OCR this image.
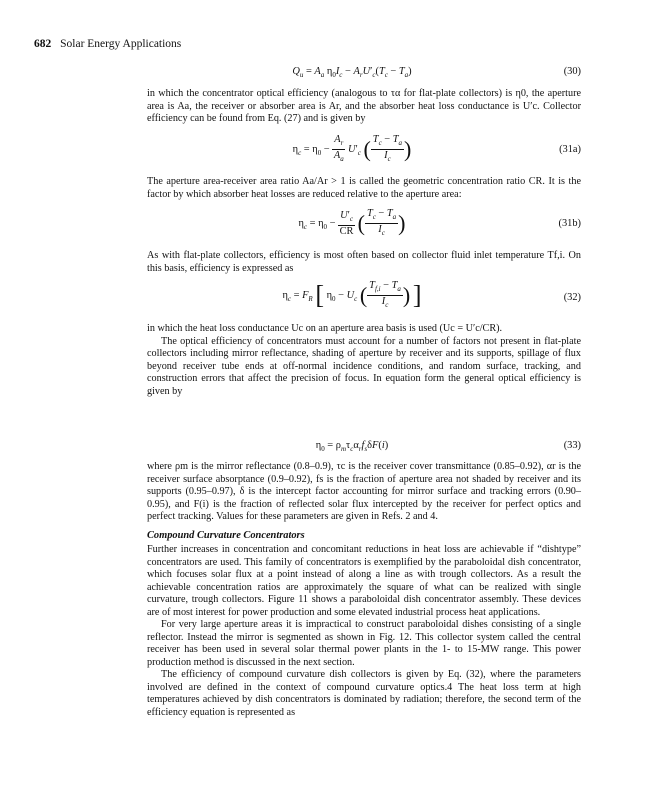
682 Solar Energy Applications
$Q_u = A_a$ $\eta_0I_c - A_rU'_c(T_c - T_a)$	(30)

in which the concentrator optical efficiency (analogous to τα for flat-plate collectors) is η0, the aperture area is Aa, the receiver or absorber area is Ar, and the absorber heat loss conductance is U′c. Collector efficiency can be found from Eq. (27) and is given by

$\eta_c = \eta_0 - \frac{A_r}{A_a} U'_c$ ( $\frac{T_c - T_a}{I_c}$ )	(31a)

The aperture area-receiver area ratio Aa/Ar > 1 is called the geometric concentration ratio CR. It is the factor by which absorber heat losses are reduced relative to the aperture area:

$\eta_c = \eta_0 - \frac{U'_c}{CR}$ ( $\frac{T_c - T_a}{I_c}$ )	(31b)

As with flat-plate collectors, efficiency is most often based on collector fluid inlet temperature Tf,i. On this basis, efficiency is expressed as

$\eta_c = F_R$ [ $\eta_0 - U_c$ ( $\frac{T_{f,i} - T_a}{I_c}$ ) ]	(32)

in which the heat loss conductance Uc on an aperture area basis is used (Uc = U′c/CR).

The optical efficiency of concentrators must account for a number of factors not present in flat-plate collectors including mirror reflectance, shading of aperture by receiver and its supports, spillage of flux beyond receiver tube ends at off-normal incidence conditions, and random surface, tracking, and construction errors that affect the precision of focus. In equation form the general optical efficiency is given by

$\eta_0 = \rho_m\tau_c\alpha_rf_s\delta F(i)$	(33)

where ρm is the mirror reflectance (0.8–0.9), τc is the receiver cover transmittance (0.85–0.92), αr is the receiver surface absorptance (0.9–0.92), fs is the fraction of aperture area not shaded by receiver and its supports (0.95–0.97), δ is the intercept factor accounting for mirror surface and tracking errors (0.90–0.95), and F(i) is the fraction of reflected solar flux intercepted by the receiver for perfect optics and perfect tracking. Values for these parameters are given in Refs. 2 and 4.

Compound Curvature Concentrators

Further increases in concentration and concomitant reductions in heat loss are achievable if “dishtype” concentrators are used. This family of concentrators is exemplified by the paraboloidal dish concentrator, which focuses solar flux at a point instead of along a line as with trough collectors. As a result the achievable concentration ratios are approximately the square of what can be realized with single curvature, trough collectors. Figure 11 shows a paraboloidal dish concentrator assembly. These devices are of most interest for power production and some elevated industrial process heat applications.

For very large aperture areas it is impractical to construct paraboloidal dishes consisting of a single reflector. Instead the mirror is segmented as shown in Fig. 12. This collector system called the central receiver has been used in several solar thermal power plants in the 1- to 15-MW range. This power production method is discussed in the next section.

The efficiency of compound curvature dish collectors is given by Eq. (32), where the parameters involved are defined in the context of compound curvature optics.4 The heat loss term at high temperatures achieved by dish concentrators is dominated by radiation; therefore, the second term of the efficiency equation is represented as
